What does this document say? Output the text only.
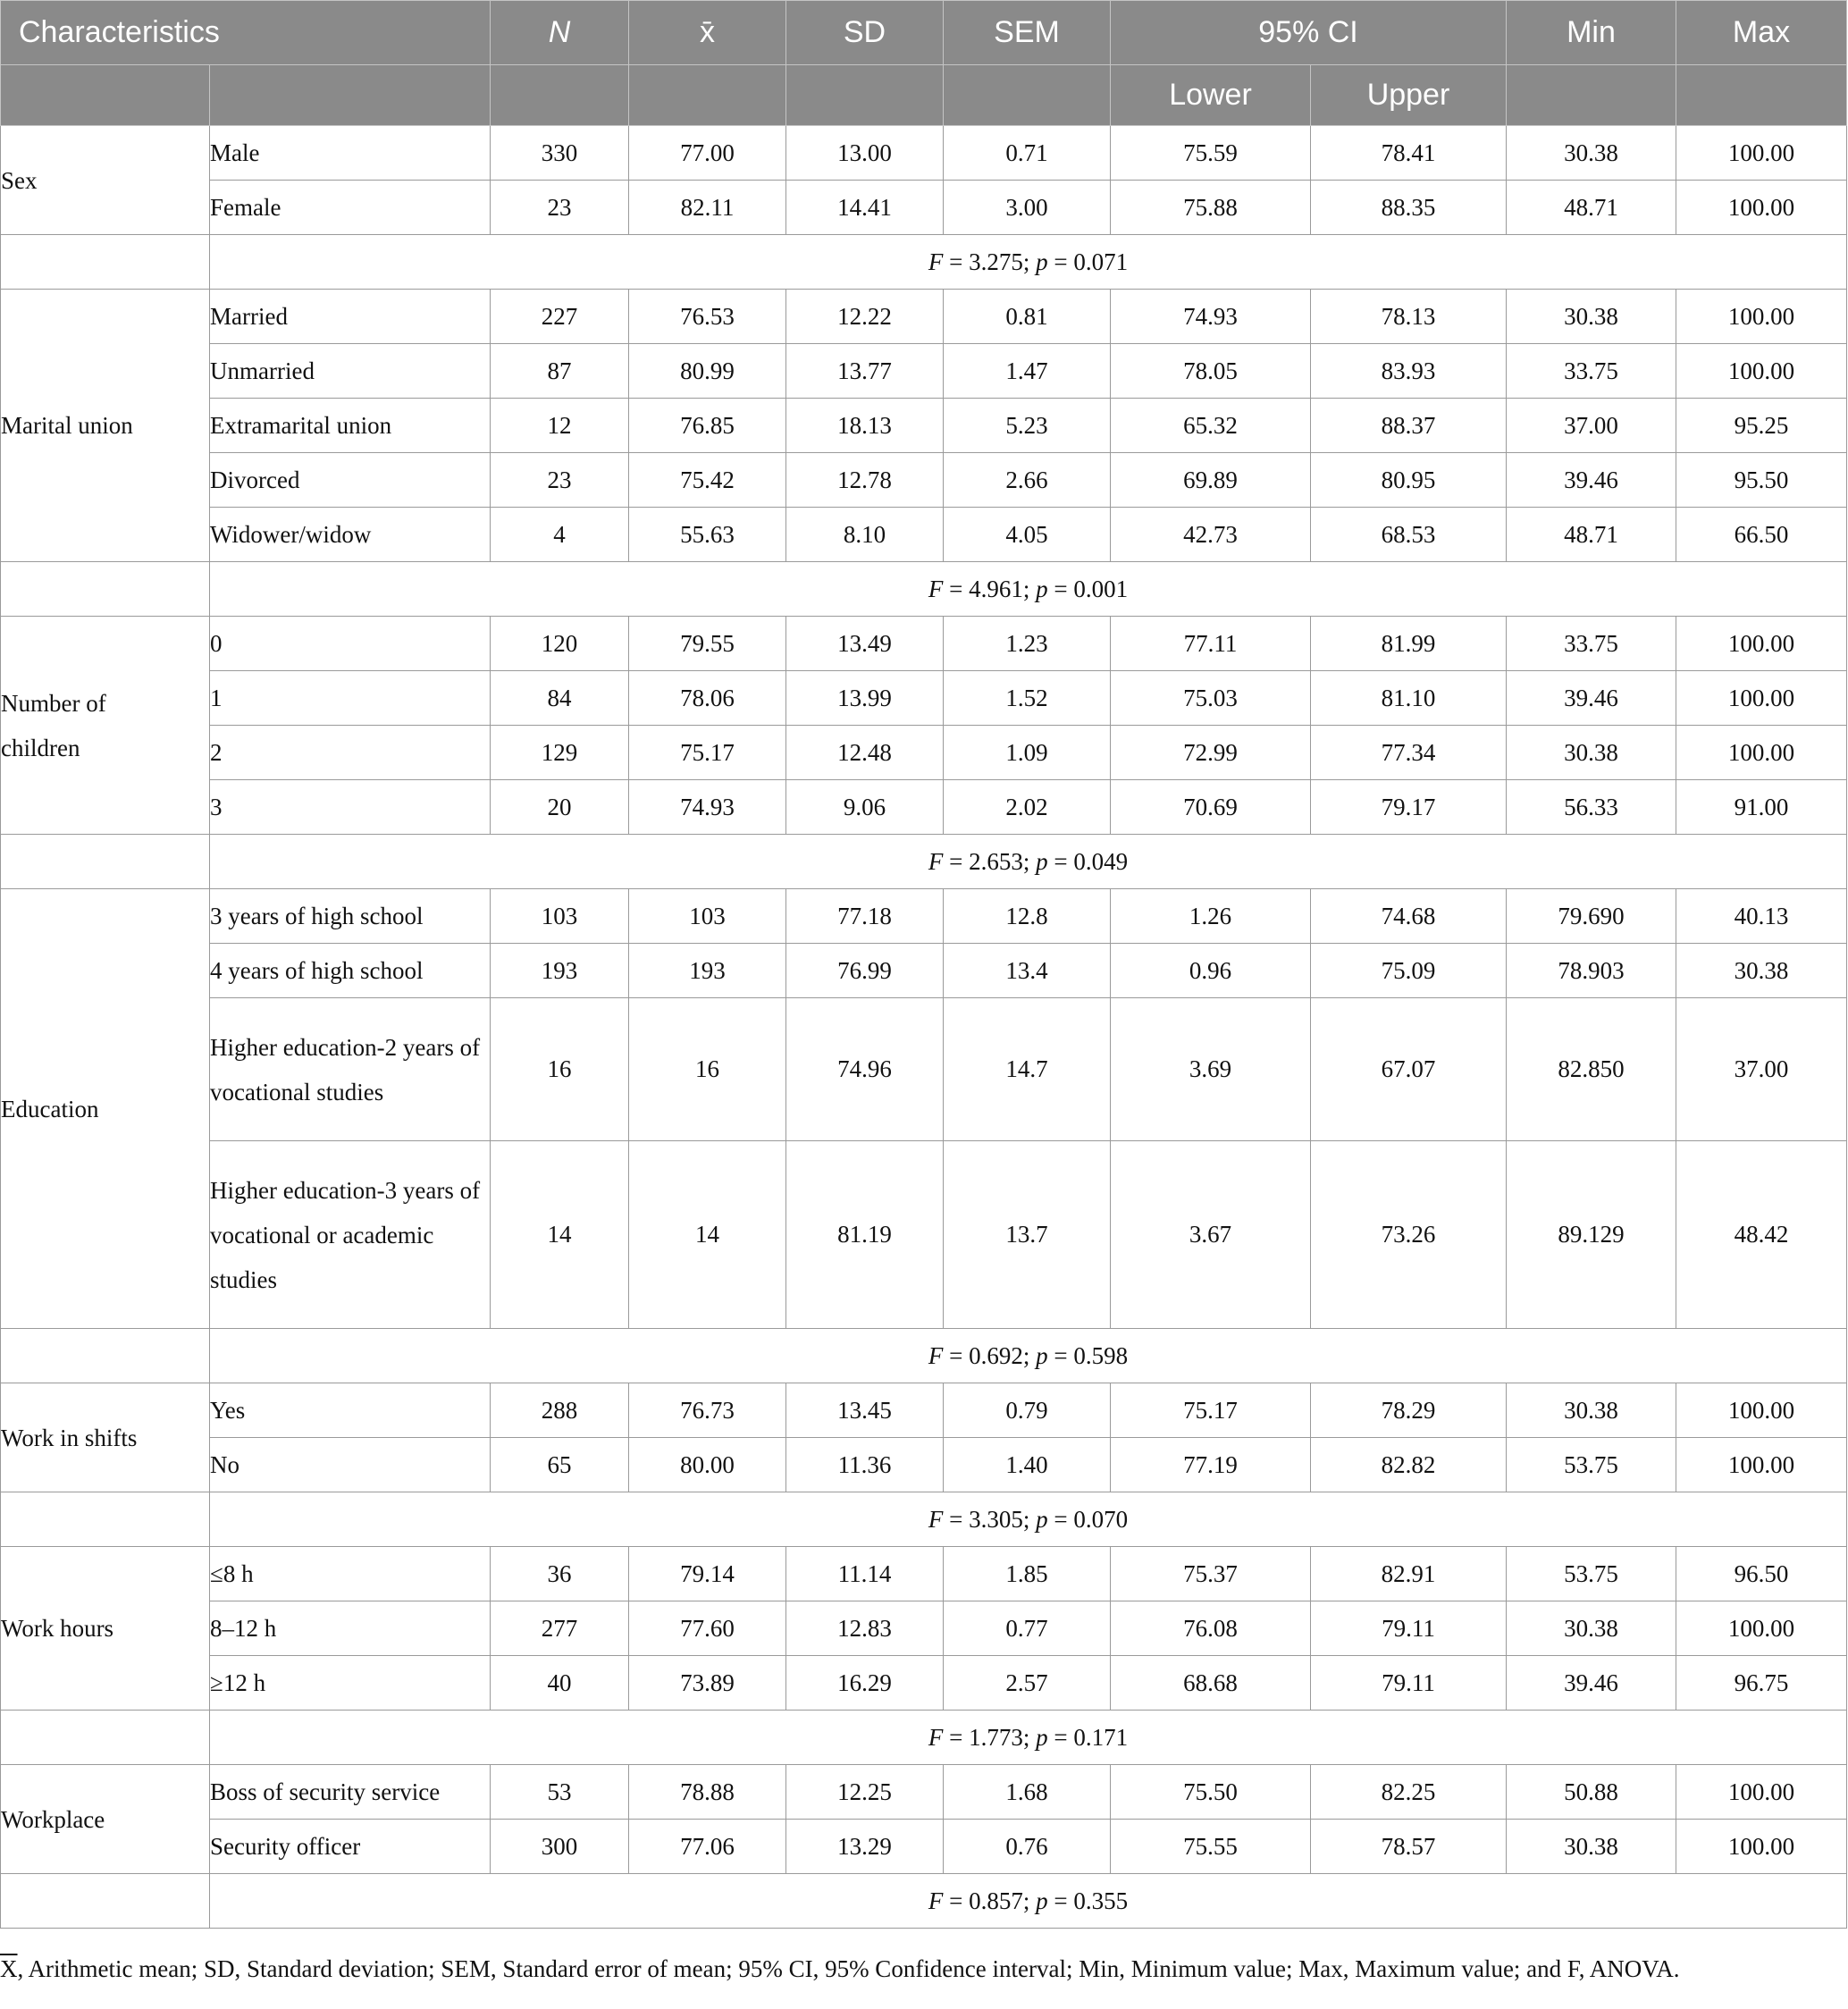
Characteristics		N	x̄	SD	SEM	95% CI		Min	Max
						Lower	Upper		
Sex	Male	330	77.00	13.00	0.71	75.59	78.41	30.38	100.00
	Female	23	82.11	14.41	3.00	75.88	88.35	48.71	100.00
	F = 3.275; p = 0.071								
Marital union	Married	227	76.53	12.22	0.81	74.93	78.13	30.38	100.00
	Unmarried	87	80.99	13.77	1.47	78.05	83.93	33.75	100.00
	Extramarital union	12	76.85	18.13	5.23	65.32	88.37	37.00	95.25
	Divorced	23	75.42	12.78	2.66	69.89	80.95	39.46	95.50
	Widower/widow	4	55.63	8.10	4.05	42.73	68.53	48.71	66.50
	F = 4.961; p = 0.001								
Number of children	0	120	79.55	13.49	1.23	77.11	81.99	33.75	100.00
	1	84	78.06	13.99	1.52	75.03	81.10	39.46	100.00
	2	129	75.17	12.48	1.09	72.99	77.34	30.38	100.00
	3	20	74.93	9.06	2.02	70.69	79.17	56.33	91.00
	F = 2.653; p = 0.049								
Education	3 years of high school	103	103	77.18	12.8	1.26	74.68	79.690	40.13
	4 years of high school	193	193	76.99	13.4	0.96	75.09	78.903	30.38
	Higher education-2 years of vocational studies	16	16	74.96	14.7	3.69	67.07	82.850	37.00
	Higher education-3 years of vocational or academic studies	14	14	81.19	13.7	3.67	73.26	89.129	48.42
	F = 0.692; p = 0.598								
Work in shifts	Yes	288	76.73	13.45	0.79	75.17	78.29	30.38	100.00
	No	65	80.00	11.36	1.40	77.19	82.82	53.75	100.00
	F = 3.305; p = 0.070								
Work hours	≤8 h	36	79.14	11.14	1.85	75.37	82.91	53.75	96.50
	8–12 h	277	77.60	12.83	0.77	76.08	79.11	30.38	100.00
	≥12 h	40	73.89	16.29	2.57	68.68	79.11	39.46	96.75
	F = 1.773; p = 0.171								
Workplace	Boss of security service	53	78.88	12.25	1.68	75.50	82.25	50.88	100.00
	Security officer	300	77.06	13.29	0.76	75.55	78.57	30.38	100.00
	F = 0.857; p = 0.355								
$\overline{X}$, Arithmetic mean; SD, Standard deviation; SEM, Standard error of mean; 95% CI, 95% Confidence interval; Min, Minimum value; Max, Maximum value; and F, ANOVA.
